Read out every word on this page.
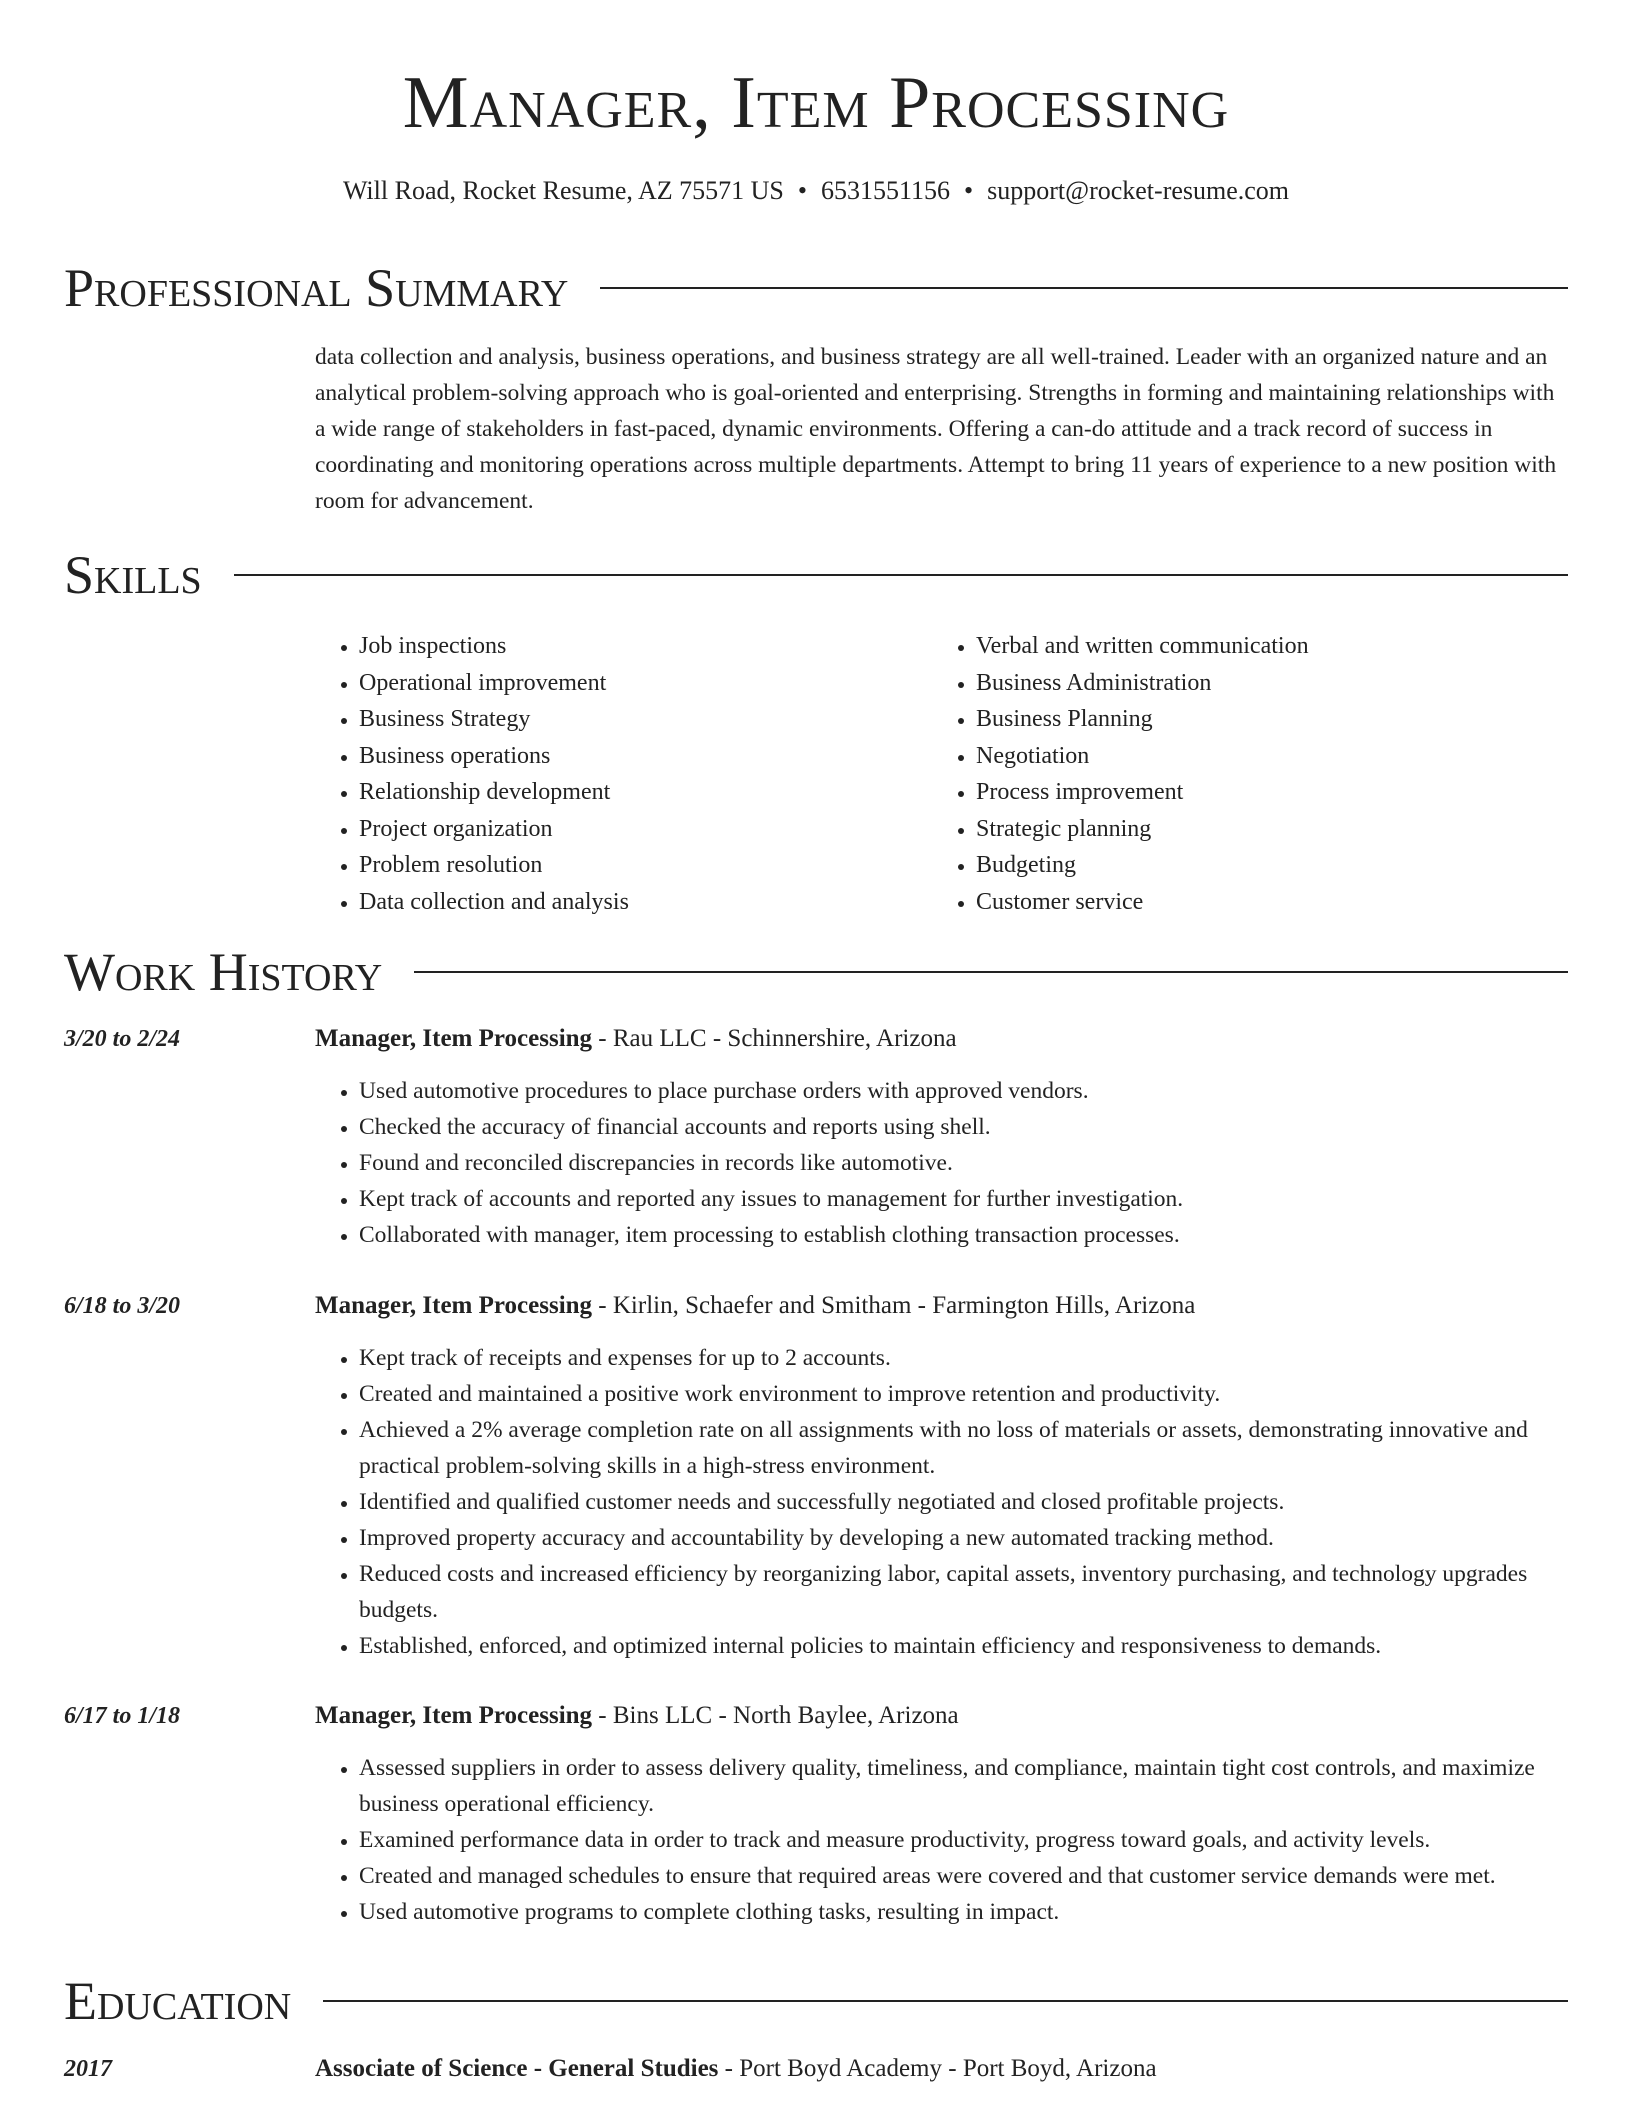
Manager, Item Processing
Will Road, Rocket Resume, AZ 75571 US • 6531551156 • support@rocket-resume.com
Professional Summary

data collection and analysis, business operations, and business strategy are all well-trained. Leader with an organized nature and an analytical problem-solving approach who is goal-oriented and enterprising. Strengths in forming and maintaining relationships with a wide range of stakeholders in fast-paced, dynamic environments. Offering a can-do attitude and a track record of success in coordinating and monitoring operations across multiple departments. Attempt to bring 11 years of experience to a new position with room for advancement.

Skills
• Job inspections
• Operational improvement
• Business Strategy
• Business operations
• Relationship development
• Project organization
• Problem resolution
• Data collection and analysis
• Verbal and written communication
• Business Administration
• Business Planning
• Negotiation
• Process improvement
• Strategic planning
• Budgeting
• Customer service
Work History
3/20 to 2/24	Manager, Item Processing - Rau LLC - Schinnershire, Arizona
• Used automotive procedures to place purchase orders with approved vendors.
• Checked the accuracy of financial accounts and reports using shell.
• Found and reconciled discrepancies in records like automotive.
• Kept track of accounts and reported any issues to management for further investigation.
• Collaborated with manager, item processing to establish clothing transaction processes.
6/18 to 3/20	Manager, Item Processing - Kirlin, Schaefer and Smitham - Farmington Hills, Arizona
• Kept track of receipts and expenses for up to 2 accounts.
• Created and maintained a positive work environment to improve retention and productivity.
• Achieved a 2% average completion rate on all assignments with no loss of materials or assets, demonstrating innovative and practical problem-solving skills in a high-stress environment.
• Identified and qualified customer needs and successfully negotiated and closed profitable projects.
• Improved property accuracy and accountability by developing a new automated tracking method.
• Reduced costs and increased efficiency by reorganizing labor, capital assets, inventory purchasing, and technology upgrades budgets.
• Established, enforced, and optimized internal policies to maintain efficiency and responsiveness to demands.
6/17 to 1/18	Manager, Item Processing - Bins LLC - North Baylee, Arizona
• Assessed suppliers in order to assess delivery quality, timeliness, and compliance, maintain tight cost controls, and maximize business operational efficiency.
• Examined performance data in order to track and measure productivity, progress toward goals, and activity levels.
• Created and managed schedules to ensure that required areas were covered and that customer service demands were met.
• Used automotive programs to complete clothing tasks, resulting in impact.
Education
2017	Associate of Science - General Studies - Port Boyd Academy - Port Boyd, Arizona
